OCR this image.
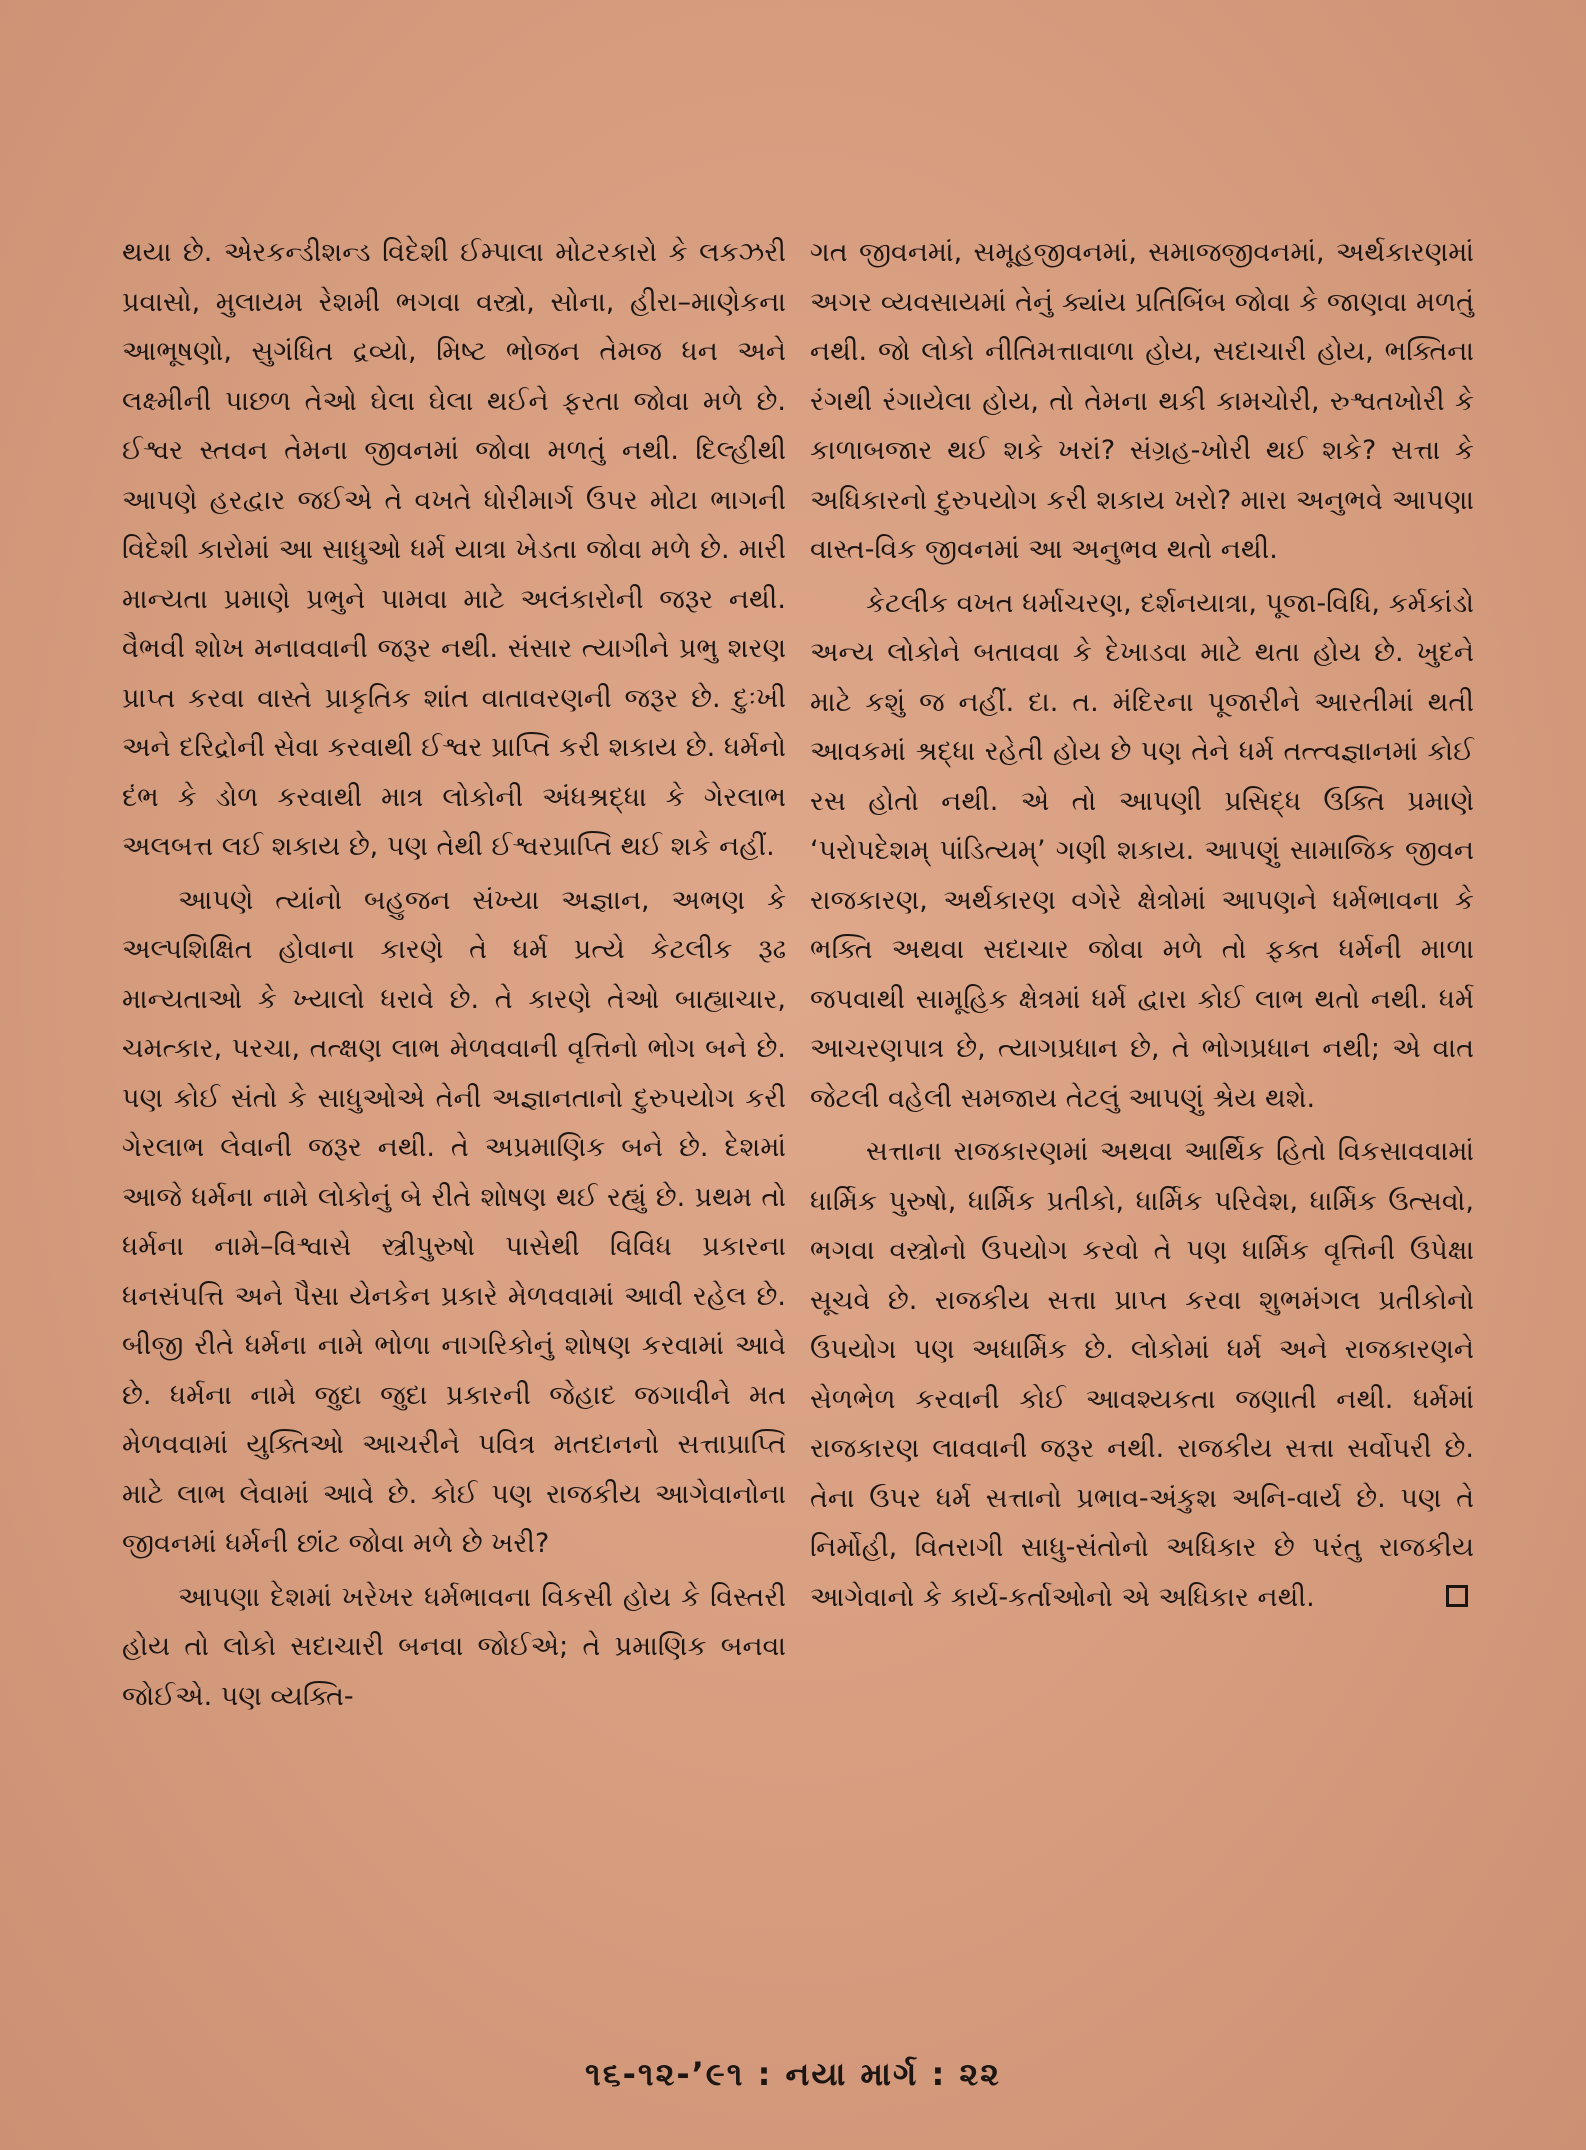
થયા છે. એરકન્ડીશન્ડ વિદેશી ઈમ્પાલા મોટરકારો કે લકઝરી પ્રવાસો, મુલાયમ રેશમી ભગવા વસ્ત્રો, સોના, હીરા–માણેકના આભૂષણો, સુગંધિત દ્રવ્યો, મિષ્ટ ભોજન તેમજ ધન અને લક્ષ્મીની પાછળ તેઓ ઘેલા ઘેલા થઈને ફરતા જોવા મળે છે. ઈશ્વર સ્તવન તેમના જીવનમાં જોવા મળતું નથી. દિલ્હીથી આપણે હરદ્વાર જઈએ તે વખતે ધોરીમાર્ગ ઉપર મોટા ભાગની વિદેશી કારોમાં આ સાધુઓ ધર્મ યાત્રા ખેડતા જોવા મળે છે. મારી માન્યતા પ્રમાણે પ્રભુને પામવા માટે અલંકારોની જરૂર નથી. વૈભવી શોખ મનાવવાની જરૂર નથી. સંસાર ત્યાગીને પ્રભુ શરણ પ્રાપ્ત કરવા વાસ્તે પ્રાકૃતિક શાંત વાતાવરણની જરૂર છે. દુઃખી અને દરિદ્રોની સેવા કરવાથી ઈશ્વર પ્રાપ્તિ કરી શકાય છે. ધર્મનો દંભ કે ડોળ કરવાથી માત્ર લોકોની અંધશ્રદ્ધા કે ગેરલાભ અલબત્ત લઈ શકાય છે, પણ તેથી ઈશ્વરપ્રાપ્તિ થઈ શકે નહીં.

આપણે ત્યાંનો બહુજન સંખ્યા અજ્ઞાન, અભણ કે અલ્પશિક્ષિત હોવાના કારણે તે ધર્મ પ્રત્યે કેટલીક રૂઢ માન્યતાઓ કે ખ્યાલો ધરાવે છે. તે કારણે તેઓ બાહ્યાચાર, ચમત્કાર, પરચા, તત્ક્ષણ લાભ મેળવવાની વૃત્તિનો ભોગ બને છે. પણ કોઈ સંતો કે સાધુઓએ તેની અજ્ઞાનતાનો દુરુપયોગ કરી ગેરલાભ લેવાની જરૂર નથી. તે અપ્રમાણિક બને છે. દેશમાં આજે ધર્મના નામે લોકોનું બે રીતે શોષણ થઈ રહ્યું છે. પ્રથમ તો ધર્મના નામે–વિશ્વાસે સ્ત્રીપુરુષો પાસેથી વિવિધ પ્રકારના ધનસંપત્તિ અને પૈસા યેનકેન પ્રકારે મેળવવામાં આવી રહેલ છે. બીજી રીતે ધર્મના નામે ભોળા નાગરિકોનું શોષણ કરવામાં આવે છે. ધર્મના નામે જુદા જુદા પ્રકારની જેહાદ જગાવીને મત મેળવવામાં યુક્તિઓ આચરીને પવિત્ર મતદાનનો સત્તાપ્રાપ્તિ માટે લાભ લેવામાં આવે છે. કોઈ પણ રાજકીય આગેવાનોના જીવનમાં ધર્મની છાંટ જોવા મળે છે ખરી?

આપણા દેશમાં ખરેખર ધર્મભાવના વિકસી હોય કે વિસ્તરી હોય તો લોકો સદાચારી બનવા જોઈએ; તે પ્રમાણિક બનવા જોઈએ. પણ વ્યક્તિ-

ગત જીવનમાં, સમૂહજીવનમાં, સમાજજીવનમાં, અર્થકારણમાં અગર વ્યવસાયમાં તેનું ક્યાંય પ્રતિબિંબ જોવા કે જાણવા મળતું નથી. જો લોકો નીતિમત્તાવાળા હોય, સદાચારી હોય, ભક્તિના રંગથી રંગાયેલા હોય, તો તેમના થકી કામચોરી, રુશ્વતખોરી કે કાળાબજાર થઈ શકે ખરાં? સંગ્રહ-ખોરી થઈ શકે? સત્તા કે અધિકારનો દુરુપયોગ કરી શકાય ખરો? મારા અનુભવે આપણા વાસ્ત-વિક જીવનમાં આ અનુભવ થતો નથી.

કેટલીક વખત ધર્માચરણ, દર્શનયાત્રા, પૂજા-વિધિ, કર્મકાંડો અન્ય લોકોને બતાવવા કે દેખાડવા માટે થતા હોય છે. ખુદને માટે કશું જ નહીં. દા. ત. મંદિરના પૂજારીને આરતીમાં થતી આવકમાં શ્રદ્ધા રહેતી હોય છે પણ તેને ધર્મ તત્ત્વજ્ઞાનમાં કોઈ રસ હોતો નથી. એ તો આપણી પ્રસિદ્ધ ઉક્તિ પ્રમાણે ‘પરોપદેશમ્ પાંડિત્યમ્’ ગણી શકાય. આપણું સામાજિક જીવન રાજકારણ, અર્થકારણ વગેરે ક્ષેત્રોમાં આપણને ધર્મભાવના કે ભક્તિ અથવા સદાચાર જોવા મળે તો ફક્ત ધર્મની માળા જપવાથી સામૂહિક ક્ષેત્રમાં ધર્મ દ્વારા કોઈ લાભ થતો નથી. ધર્મ આચરણપાત્ર છે, ત્યાગપ્રધાન છે, તે ભોગપ્રધાન નથી; એ વાત જેટલી વહેલી સમજાય તેટલું આપણું શ્રેય થશે.

સત્તાના રાજકારણમાં અથવા આર્થિક હિતો વિકસાવવામાં ધાર્મિક પુરુષો, ધાર્મિક પ્રતીકો, ધાર્મિક પરિવેશ, ધાર્મિક ઉત્સવો, ભગવા વસ્ત્રોનો ઉપયોગ કરવો તે પણ ધાર્મિક વૃત્તિની ઉપેક્ષા સૂચવે છે. રાજકીય સત્તા પ્રાપ્ત કરવા શુભમંગલ પ્રતીકોનો ઉપયોગ પણ અધાર્મિક છે. લોકોમાં ધર્મ અને રાજકારણને સેળભેળ કરવાની કોઈ આવશ્યકતા જણાતી નથી. ધર્મમાં રાજકારણ લાવવાની જરૂર નથી. રાજકીય સત્તા સર્વોપરી છે. તેના ઉપર ધર્મ સત્તાનો પ્રભાવ-અંકુશ અનિ-વાર્ય છે. પણ તે નિર્મોહી, વિતરાગી સાધુ-સંતોનો અધિકાર છે પરંતુ રાજકીય આગેવાનો કે કાર્ય-કર્તાઓનો એ અધિકાર નથી.

૧૬-૧૨-’૯૧ : નયા માર્ગ : ૨૨
